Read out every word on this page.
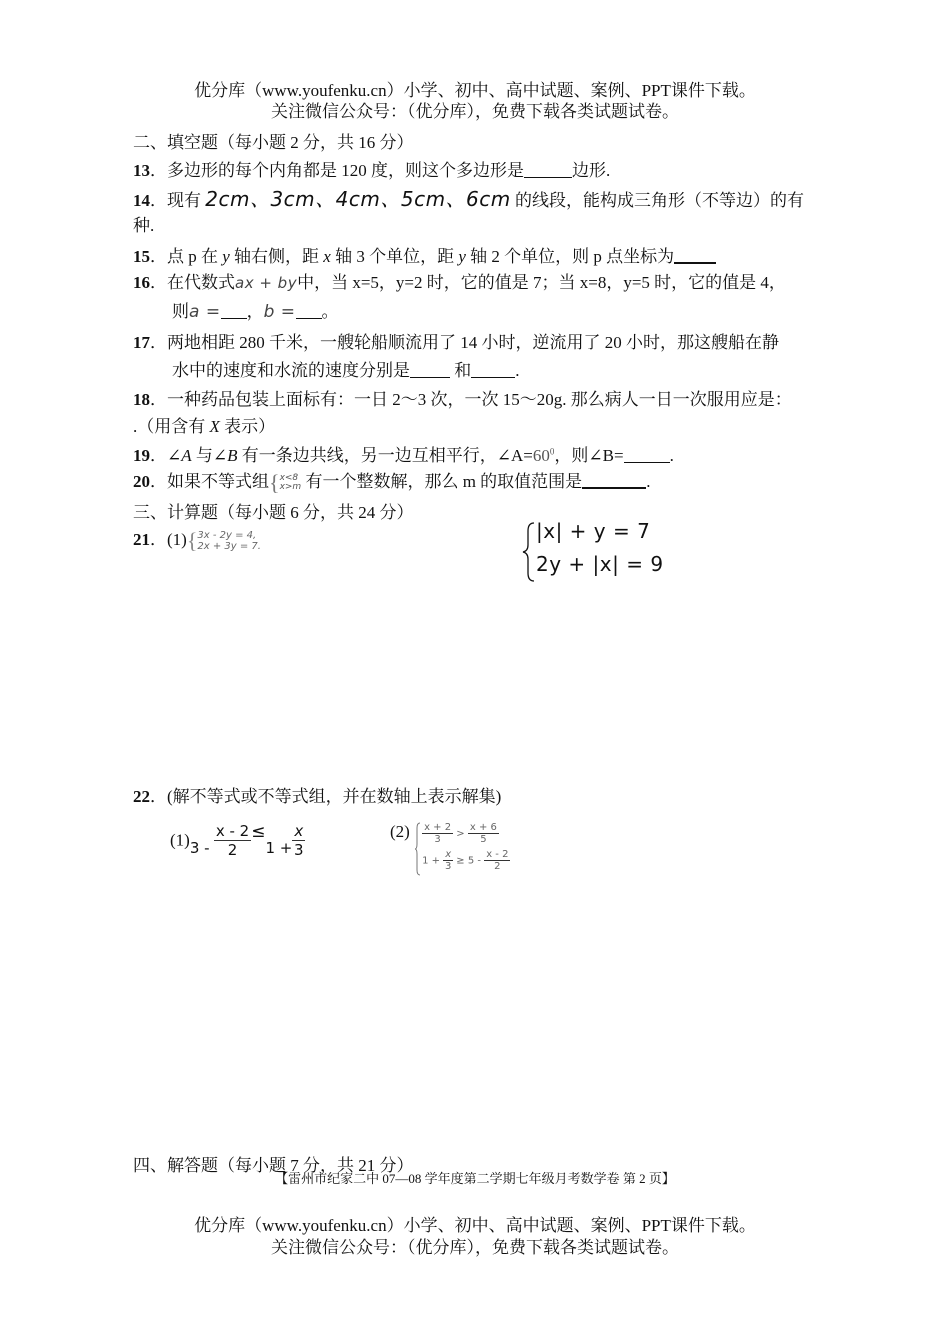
优分库（www.youfenku.cn）小学、初中、高中试题、案例、PPT课件下载。
关注微信公众号：（优分库），免费下载各类试题试卷。
二、填空题（每小题 2 分，共 16 分）
13．多边形的每个内角都是 120 度，则这个多边形是	边形.
14．现有 2cm、3cm、4cm、5cm、6cm 的线段，能构成三角形（不等边）的有
种.
15．点 p 在 y 轴右侧，距 x 轴 3 个单位，距 y 轴 2 个单位，则 p 点坐标为
16．在代数式ax + by中，当 x=5，y=2 时，它的值是 7；当 x=8，y=5 时，它的值是 4，
则a = ，b = 。
17．两地相距 280 千米，一艘轮船顺流用了 14 小时，逆流用了 20 小时，那这艘船在静
水中的速度和水流的速度分别是	和	.
18．一种药品包装上面标有：一日 2～3 次，一次 15～20g. 那么病人一日一次服用应是：
.（用含有 X 表示）
19．∠A 与∠B 有一条边共线，另一边互相平行，$\angle A=60^0$，则∠B=	.
20．如果不等式组{ x<8
x>m 有一个整数解，那么 m 的取值范围是	.
三、计算题（每小题 6 分，共 24 分）
21．(1){ 3x - 2y = 4,
2x + 3y = 7.
|x| + y = 7
2y + |x| = 9
22．(解不等式或不等式组，并在数轴上表示解集)
$(1)3 - \frac{x - 2}{2} \le 1 + \frac{x}{3}$	$(2) \frac{x + 2}{3} > \frac{x + 6}{5}$
$1 + \frac{x}{3} \ge 5 - \frac{x - 2}{2}$
四、解答题（每小题 7 分，共 21 分）
【雷州市纪家二中 07—08 学年度第二学期七年级月考数学卷 第 2 页】
优分库（www.youfenku.cn）小学、初中、高中试题、案例、PPT课件下载。
关注微信公众号：（优分库），免费下载各类试题试卷。
